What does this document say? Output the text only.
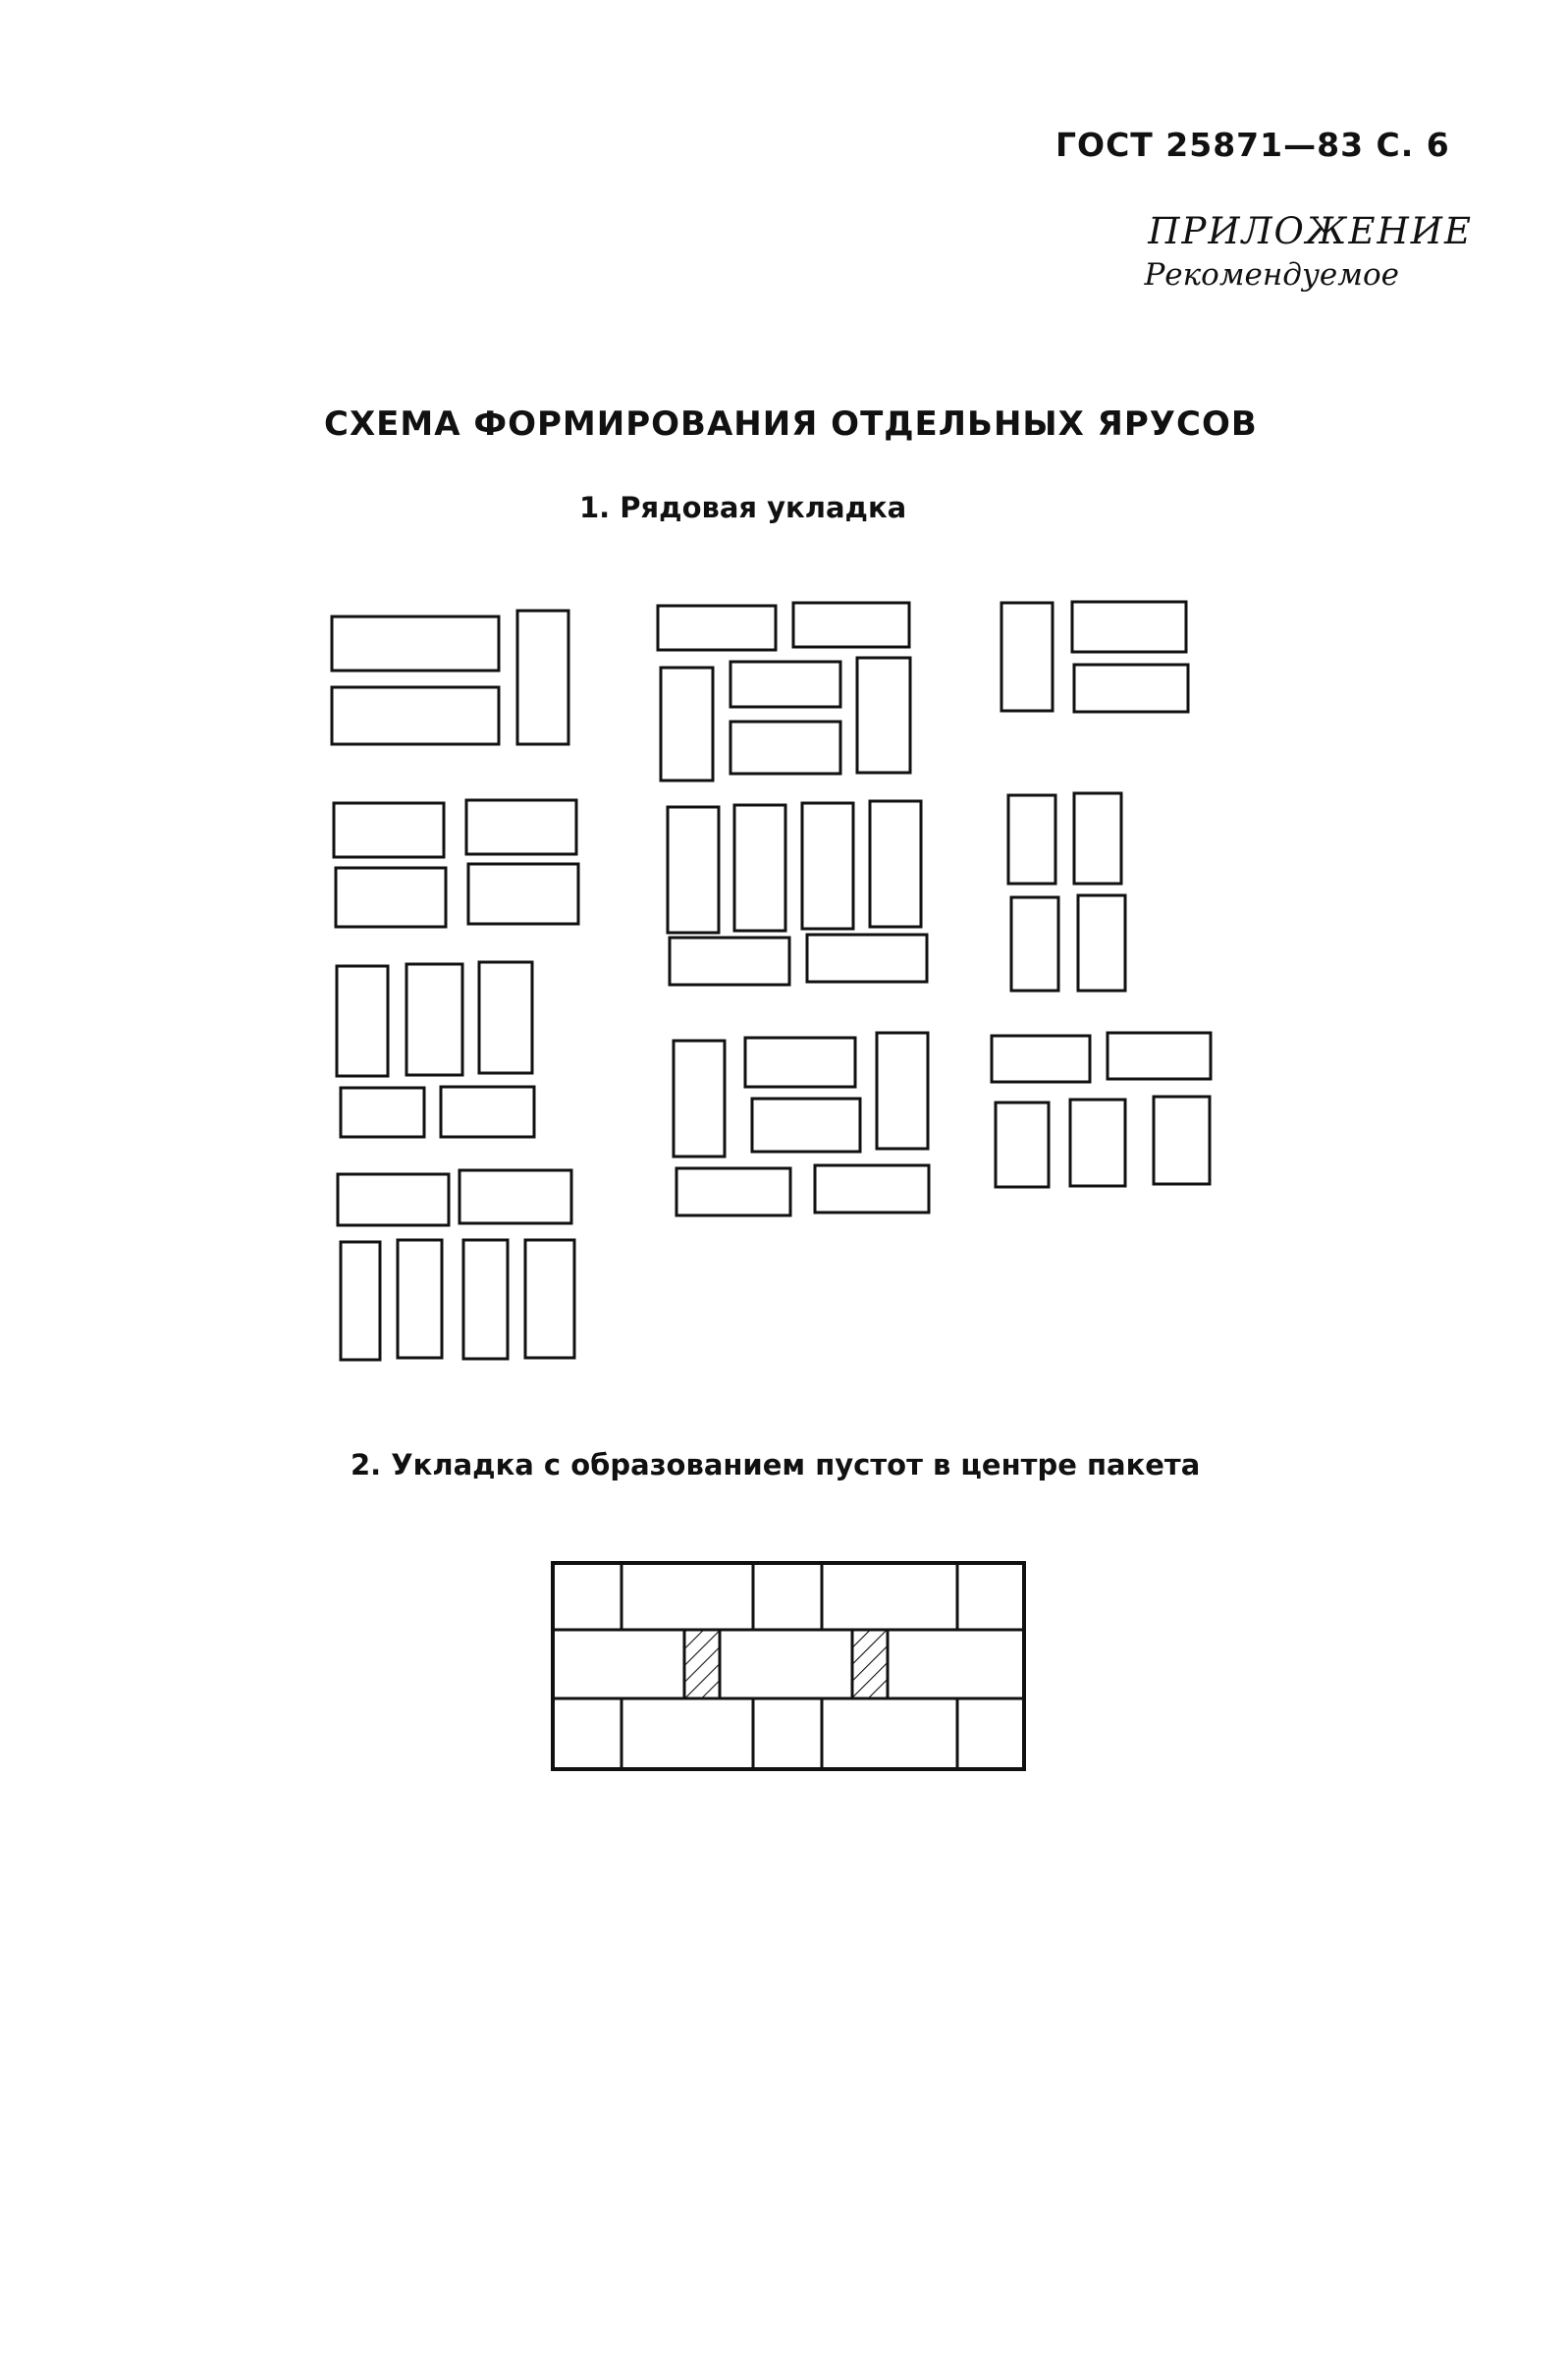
ГОСТ 25871—83 С. 6
ПРИЛОЖЕНИЕ
Рекомендуемое
СХЕМА ФОРМИРОВАНИЯ ОТДЕЛЬНЫХ ЯРУСОВ
1. Рядовая укладка
2. Укладка с образованием пустот в центре пакета
